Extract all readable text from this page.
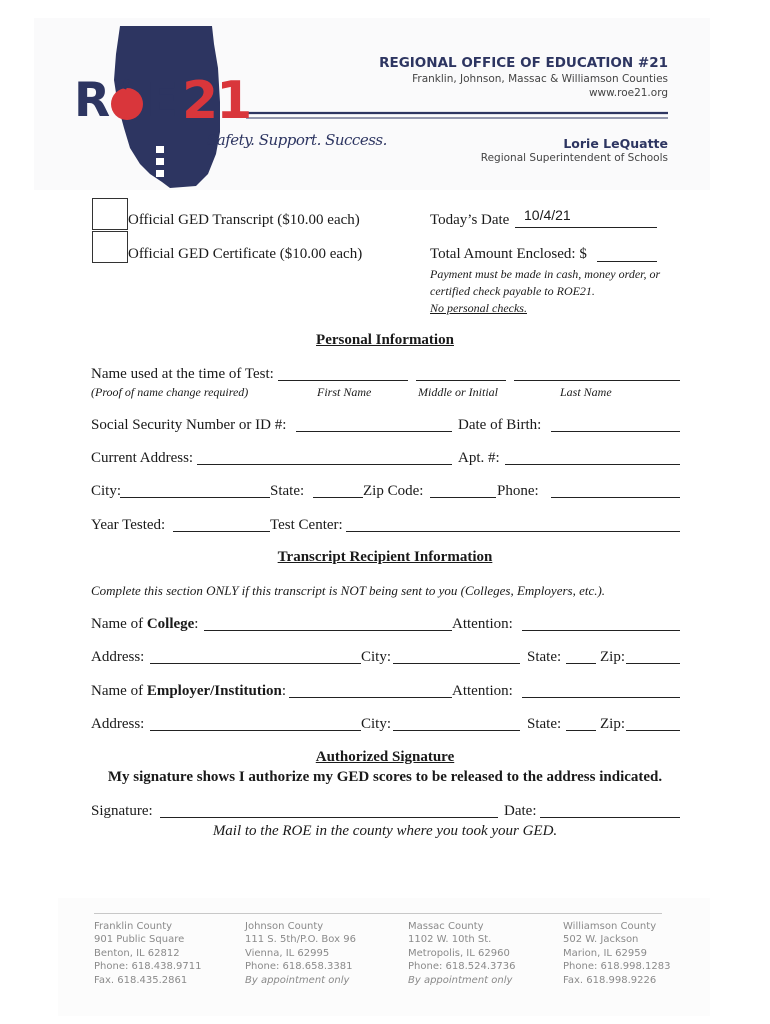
R E 21
Safety. Support. Success.
REGIONAL OFFICE OF EDUCATION #21
Franklin, Johnson, Massac & Williamson Counties
www.roe21.org
Lorie LeQuatte
Regional Superintendent of Schools
Official GED Transcript ($10.00 each)
Official GED Certificate ($10.00 each)
Today’s Date 10/4/21
Total Amount Enclosed: $
Payment must be made in cash, money order, or
certified check payable to ROE21.
No personal checks.
Personal Information
Name used at the time of Test:
(Proof of name change required)	First Name	Middle or Initial	Last Name
Social Security Number or ID #:	Date of Birth:
Current Address:	Apt. #:
City:	State:	Zip Code:	Phone:
Year Tested:	Test Center:
Transcript Recipient Information
Complete this section ONLY if this transcript is NOT being sent to you (Colleges, Employers, etc.).
Name of College:	Attention:
Address:	City:	State:	Zip:
Name of Employer/Institution:	Attention:
Address:	City:	State:	Zip:
Authorized Signature
My signature shows I authorize my GED scores to be released to the address indicated.
Signature:	Date:
Mail to the ROE in the county where you took your GED.
Franklin County
901 Public Square
Benton, IL 62812
Phone: 618.438.9711
Fax. 618.435.2861
Johnson County
111 S. 5th/P.O. Box 96
Vienna, IL 62995
Phone: 618.658.3381
By appointment only
Massac County
1102 W. 10th St.
Metropolis, IL 62960
Phone: 618.524.3736
By appointment only
Williamson County
502 W. Jackson
Marion, IL 62959
Phone: 618.998.1283
Fax. 618.998.9226
